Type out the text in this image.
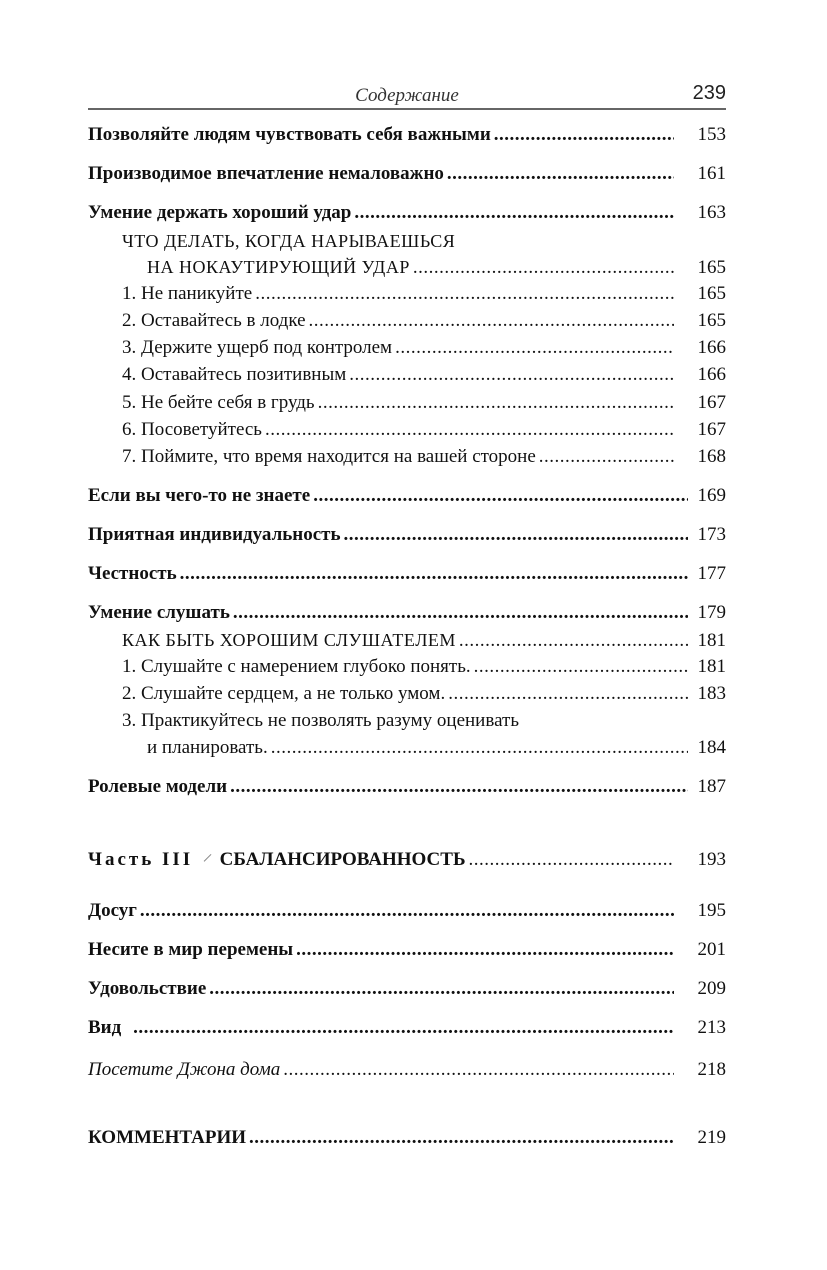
Содержание	239
Позволяйте людям чувствовать себя важными .....	153
Производимое впечатление немаловажно .....	161
Умение держать хороший удар .....	163
ЧТО ДЕЛАТЬ, КОГДА НАРЫВАЕШЬСЯ
НА НОКАУТИРУЮЩИЙ УДАР .....	165
1. Не паникуйте .....	165
2. Оставайтесь в лодке .....	165
3. Держите ущерб под контролем .....	166
4. Оставайтесь позитивным .....	166
5. Не бейте себя в грудь .....	167
6. Посоветуйтесь .....	167
7. Поймите, что время находится на вашей стороне .....	168
Если вы чего-то не знаете .....	169
Приятная индивидуальность .....	173
Честность .....	177
Умение слушать .....	179
КАК БЫТЬ ХОРОШИМ СЛУШАТЕЛЕМ .....	181
1. Слушайте с намерением глубоко понять. .....	181
2. Слушайте сердцем, а не только умом. .....	183
3. Практикуйтесь не позволять разуму оценивать
и планировать. .....	184
Ролевые модели .....	187
Часть III СБАЛАНСИРОВАННОСТЬ .....	193
Досуг .....	195
Несите в мир перемены .....	201
Удовольствие .....	209
Вид .....	213
Посетите Джона дома .....	218
КОММЕНТАРИИ .....	219
